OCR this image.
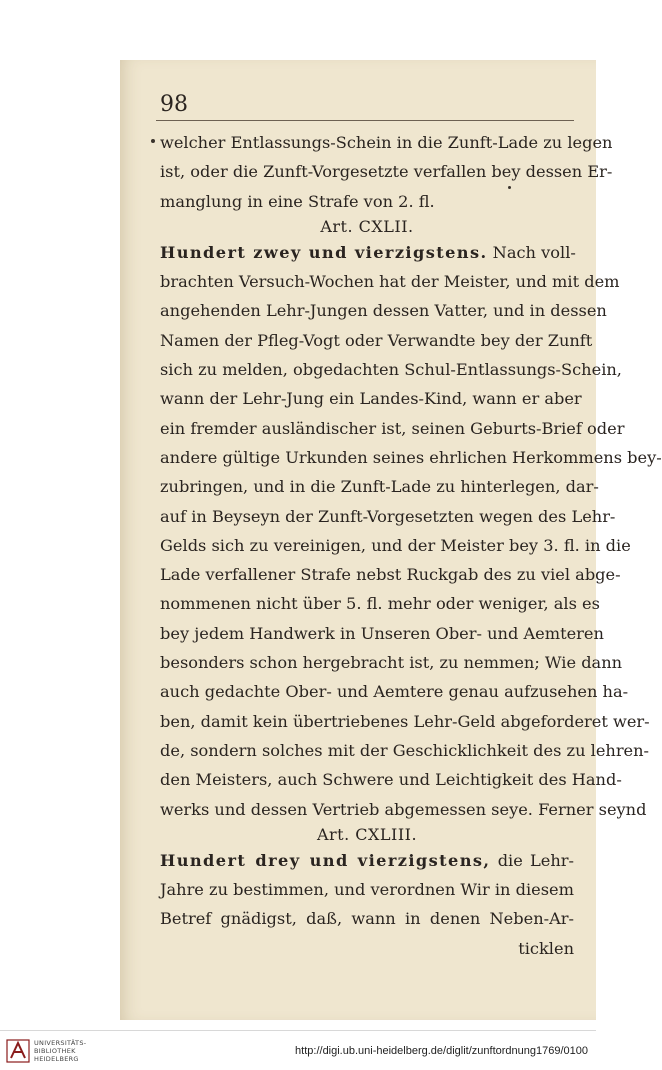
98
welcher Entlassungs-Schein in die Zunft-Lade zu legen
ist, oder die Zunft-Vorgesetzte verfallen bey dessen Er-
manglung in eine Strafe von 2. fl.
Art. CXLII.
Hundert zwey und vierzigstens. Nach voll-
brachten Versuch-Wochen hat der Meister, und mit dem
angehenden Lehr-Jungen dessen Vatter, und in dessen
Namen der Pfleg-Vogt oder Verwandte bey der Zunft
sich zu melden, obgedachten Schul-Entlassungs-Schein,
wann der Lehr-Jung ein Landes-Kind, wann er aber
ein fremder ausländischer ist, seinen Geburts-Brief oder
andere gültige Urkunden seines ehrlichen Herkommens bey-
zubringen, und in die Zunft-Lade zu hinterlegen, dar-
auf in Beyseyn der Zunft-Vorgesetzten wegen des Lehr-
Gelds sich zu vereinigen, und der Meister bey 3. fl. in die
Lade verfallener Strafe nebst Ruckgab des zu viel abge-
nommenen nicht über 5. fl. mehr oder weniger, als es
bey jedem Handwerk in Unseren Ober- und Aemteren
besonders schon hergebracht ist, zu nemmen; Wie dann
auch gedachte Ober- und Aemtere genau aufzusehen ha-
ben, damit kein übertriebenes Lehr-Geld abgeforderet wer-
de, sondern solches mit der Geschicklichkeit des zu lehren-
den Meisters, auch Schwere und Leichtigkeit des Hand-
werks und dessen Vertrieb abgemessen seye. Ferner seynd
Art. CXLIII.
Hundert drey und vierzigstens, die Lehr-
Jahre zu bestimmen, und verordnen Wir in diesem
Betref gnädigst, daß, wann in denen Neben-Ar-
ticklen
UNIVERSITÄTS-
BIBLIOTHEK
HEIDELBERG
http://digi.ub.uni-heidelberg.de/diglit/zunftordnung1769/0100
